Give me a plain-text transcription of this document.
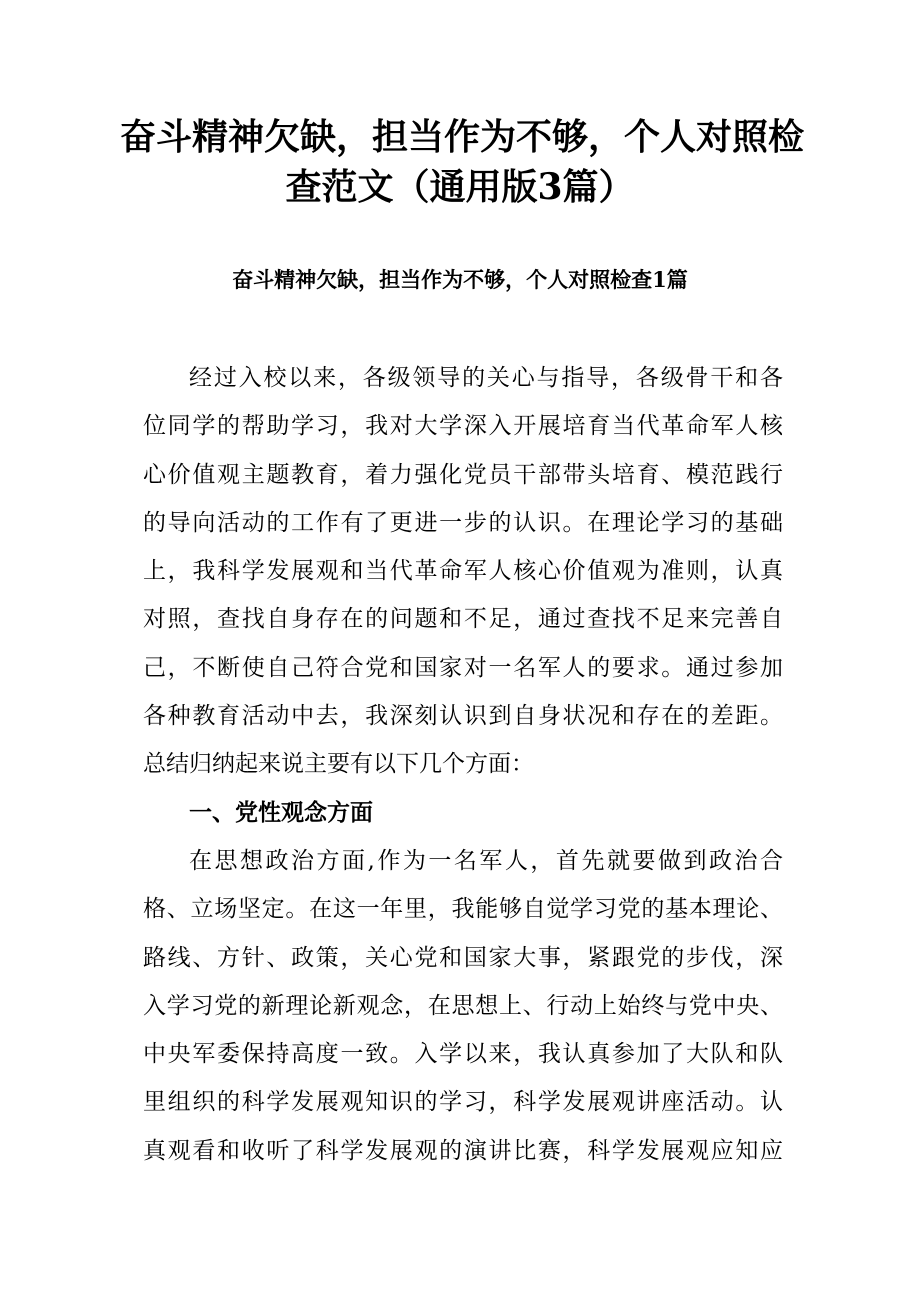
奋斗精神欠缺，担当作为不够，个人对照检
查范文（通用版3篇）
奋斗精神欠缺，担当作为不够，个人对照检查1篇
经过入校以来，各级领导的关心与指导，各级骨干和各
位同学的帮助学习，我对大学深入开展培育当代革命军人核
心价值观主题教育，着力强化党员干部带头培育、模范践行
的导向活动的工作有了更进一步的认识。在理论学习的基础
上，我科学发展观和当代革命军人核心价值观为准则，认真
对照，查找自身存在的问题和不足，通过查找不足来完善自
己，不断使自己符合党和国家对一名军人的要求。通过参加
各种教育活动中去，我深刻认识到自身状况和存在的差距。
总结归纳起来说主要有以下几个方面：
一、党性观念方面
在思想政治方面,作为一名军人，首先就要做到政治合
格、立场坚定。在这一年里，我能够自觉学习党的基本理论、
路线、方针、政策，关心党和国家大事，紧跟党的步伐，深
入学习党的新理论新观念，在思想上、行动上始终与党中央、
中央军委保持高度一致。入学以来，我认真参加了大队和队
里组织的科学发展观知识的学习，科学发展观讲座活动。认
真观看和收听了科学发展观的演讲比赛，科学发展观应知应
